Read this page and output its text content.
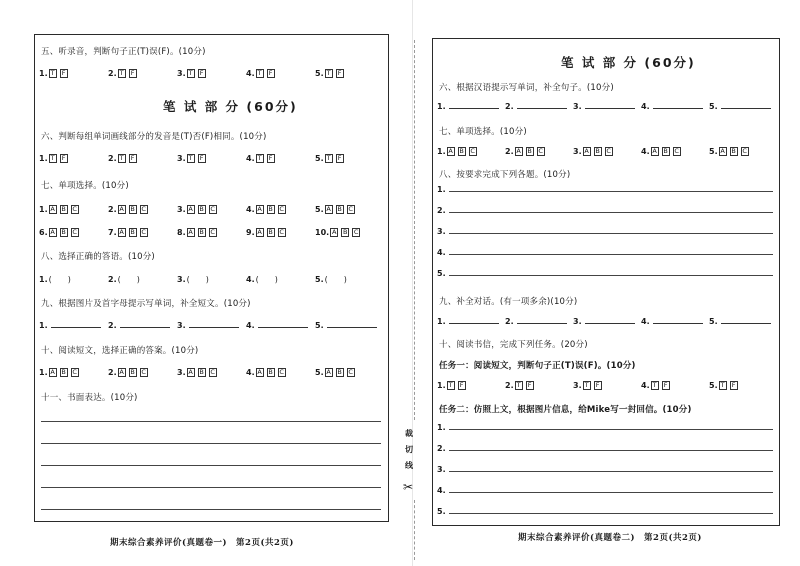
五、听录音，判断句子正(T)误(F)。(10分)
1. T	F	2. T	F	3. T	F	4. T	F	5. T	F
笔 试 部 分 (60分)
六、判断每组单词画线部分的发音是(T)否(F)相同。(10分)
1. T	F	2. T	F	3. T	F	4. T	F	5. T	F
七、单项选择。(10分)
1. A B C	2. A B C	3. A B C	4. A B C	5. A B C
6. A B C	7. A B C	8. A B C	9. A B C	10. A B C
八、选择正确的答语。(10分)
1. (　　)	2. (　　)	3. (　　)	4. (　　)	5. (　　)
九、根据图片及首字母提示写单词，补全短文。(10分)
1.	2.	3.	4.	5.
十、阅读短文，选择正确的答案。(10分)
1. A B C	2. A B C	3. A B C	4. A B C	5. A B C
十一、书面表达。(10分)
期末综合素养评价(真题卷一)　第2页(共2页)
裁
切
线
✂
笔 试 部 分 (60分)
六、根据汉语提示写单词，补全句子。(10分)
1.	2.	3.	4.	5.
七、单项选择。(10分)
1. A B C	2. A B C	3. A B C	4. A B C	5. A B C
八、按要求完成下列各题。(10分)
1.
2.
3.
4.
5.
九、补全对话。(有一项多余)(10分)
1.	2.	3.	4.	5.
十、阅读书信，完成下列任务。(20分)
任务一：阅读短文，判断句子正(T)误(F)。(10分)
1. T	F	2. T	F	3. T	F	4. T	F	5. T	F
任务二：仿照上文，根据图片信息，给Mike写一封回信。(10分)
1.
2.
3.
4.
5.
期末综合素养评价(真题卷二)　第2页(共2页)
